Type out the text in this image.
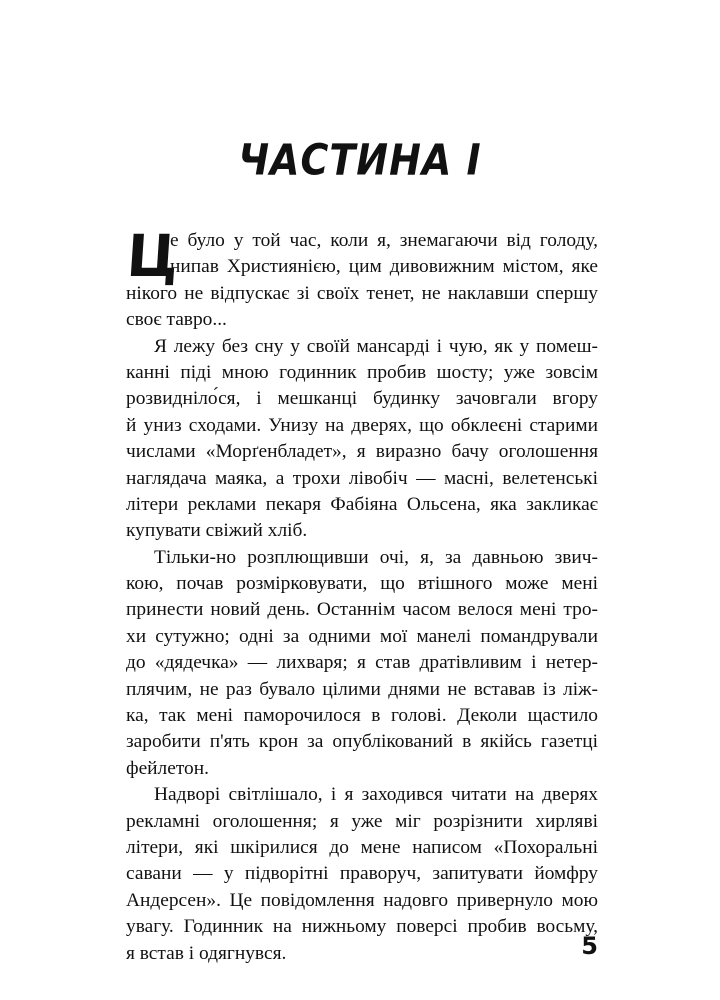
ЧАСТИНА І
Ц
е було у той час, коли я, знемагаючи від голоду,
нипав Християнією, цим дивовижним містом, яке
нікого не відпускає зі своїх тенет, не наклавши спершу
своє тавро...
Я лежу без сну у своїй мансарді і чую, як у помеш-
канні піді мною годинник пробив шосту; уже зовсім
розвидніло́ся, і мешканці будинку зачовгали вгору
й униз сходами. Унизу на дверях, що обклеєні старими
числами «Морґенбладет», я виразно бачу оголошення
наглядача маяка, а трохи лівобіч — масні, велетенські
літери реклами пекаря Фабіяна Ольсена, яка закликає
купувати свіжий хліб.
Тільки-но розплющивши очі, я, за давньою звич-
кою, почав розмірковувати, що втішного може мені
принести новий день. Останнім часом велося мені тро-
хи сутужно; одні за одними мої манелі помандрували
до «дядечка» — лихваря; я став дратівливим і нетер-
плячим, не раз бувало цілими днями не вставав із ліж-
ка, так мені паморочилося в голові. Деколи щастило
заробити п'ять крон за опублікований в якійсь газетці
фейлетон.
Надворі світлішало, і я заходився читати на дверях
рекламні оголошення; я уже міг розрізнити хирляві
літери, які шкірилися до мене написом «Похоральні
савани — у підворітні праворуч, запитувати йомфру
Андерсен». Це повідомлення надовго привернуло мою
увагу. Годинник на нижньому поверсі пробив восьму,
я встав і одягнувся.	5
